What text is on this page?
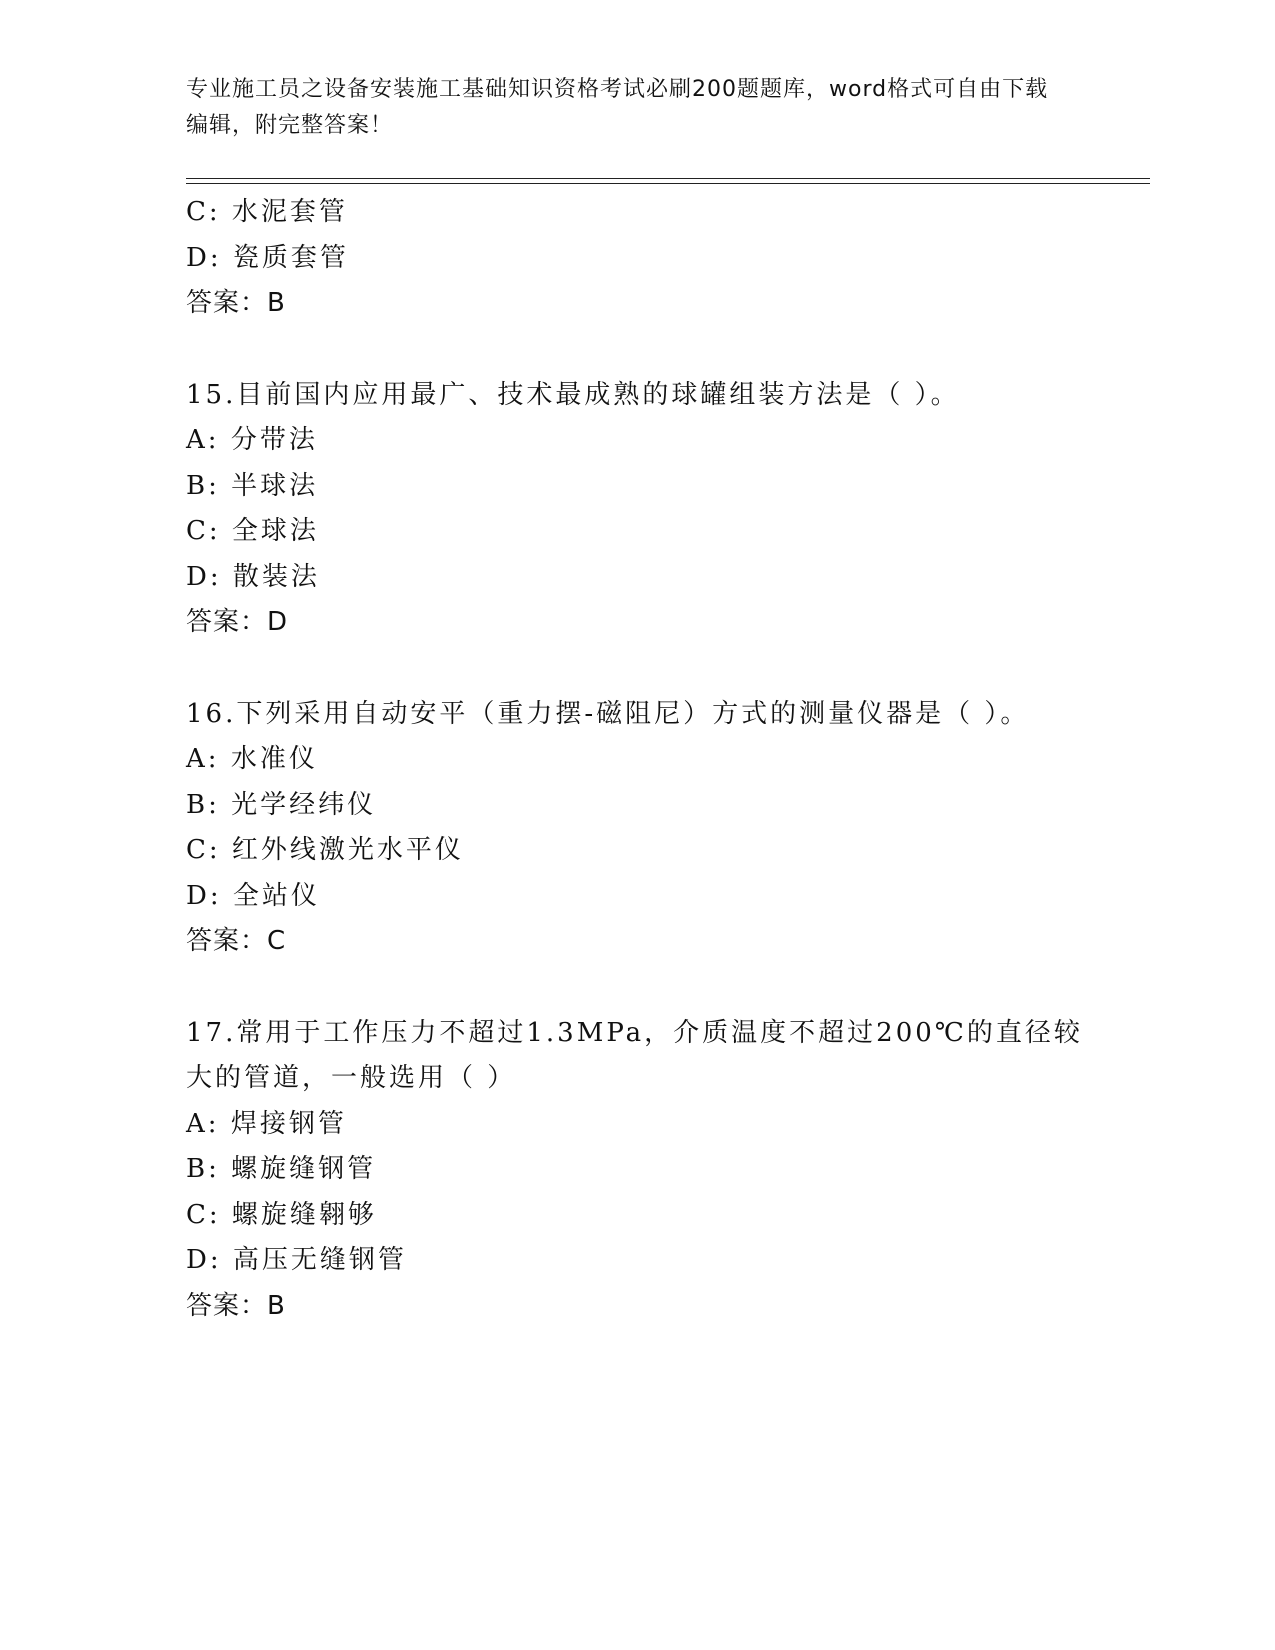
专业施工员之设备安装施工基础知识资格考试必刷200题题库，word格式可自由下载编辑，附完整答案！
C: 水泥套管
D: 瓷质套管
答案：B
15.目前国内应用最广、技术最成熟的球罐组装方法是（ ）。
A: 分带法
B: 半球法
C: 全球法
D: 散装法
答案：D
16.下列采用自动安平（重力摆-磁阻尼）方式的测量仪器是（ ）。
A: 水准仪
B: 光学经纬仪
C: 红外线激光水平仪
D: 全站仪
答案：C
17.常用于工作压力不超过1.3MPa，介质温度不超过200℃的直径较大的管道，一般选用（ ）
A: 焊接钢管
B: 螺旋缝钢管
C: 螺旋缝翱够
D: 高压无缝钢管
答案：B
